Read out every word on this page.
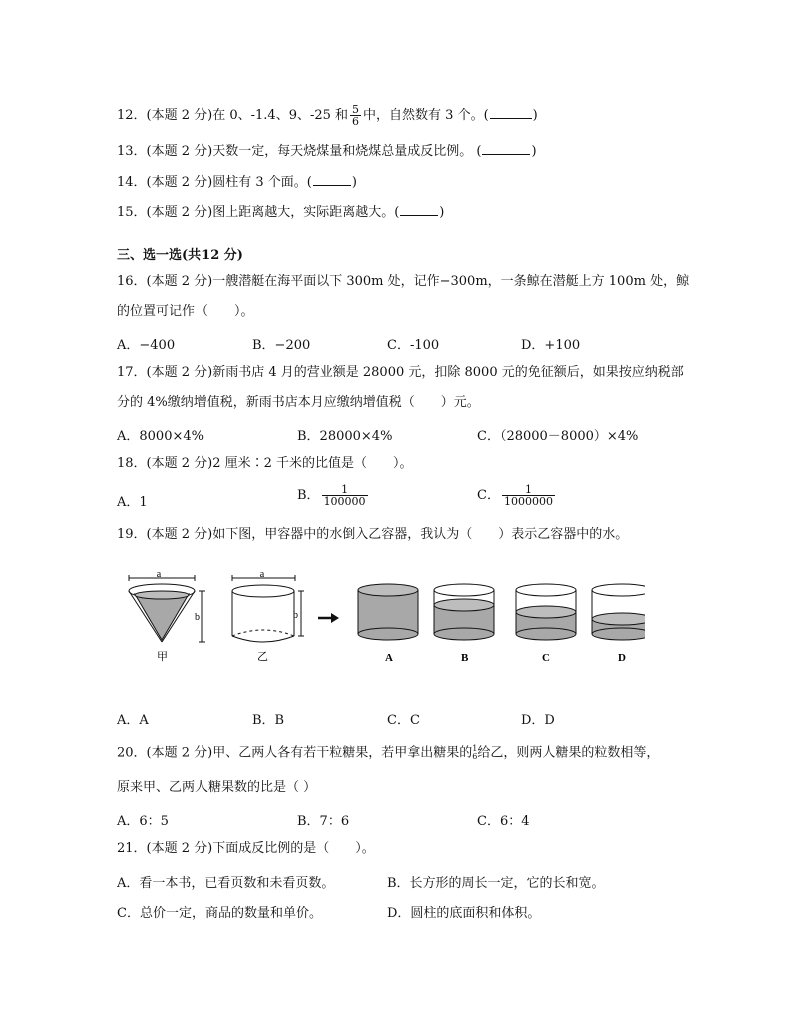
12．(本题 2 分)在 0、-1.4、9、-25 和 $\frac{5}{6}$ 中，自然数有 3 个。(	)
13．(本题 2 分)天数一定，每天烧煤量和烧煤总量成反比例。 (	)
14．(本题 2 分)圆柱有 3 个面。(	)
15．(本题 2 分)图上距离越大，实际距离越大。(	)
三、选一选(共12 分)
16．(本题 2 分)一艘潜艇在海平面以下 300m 处，记作−300m，一条鲸在潜艇上方 100m 处，鲸
的位置可记作（　　）。
A．−400	B．−200	C．-100	D．+100
17．(本题 2 分)新雨书店 4 月的营业额是 28000 元，扣除 8000 元的免征额后，如果按应纳税部
分的 4%缴纳增值税，新雨书店本月应缴纳增值税（　　）元。
A．8000×4%	B．28000×4%	C．（28000－8000）×4%
18．(本题 2 分)2 厘米∶2 千米的比值是（　　）。
A．1	B． $\frac{1}{100000}$	C． $\frac{1}{1000000}$
19．(本题 2 分)如下图，甲容器中的水倒入乙容器，我认为（　　）表示乙容器中的水。
a
b
甲
a
b
乙	A	B	C	D
A．A	B．B	C．C	D．D
20．(本题 2 分)甲、乙两人各有若干粒糖果，若甲拿出糖果的 1
6 给乙，则两人糖果的粒数相等，
原来甲、乙两人糖果数的比是（ ）
A．6：5	B．7：6	C．6：4
21．(本题 2 分)下面成反比例的是（　　）。
A．看一本书，已看页数和未看页数。	B．长方形的周长一定，它的长和宽。
C．总价一定，商品的数量和单价。	D．圆柱的底面积和体积。
